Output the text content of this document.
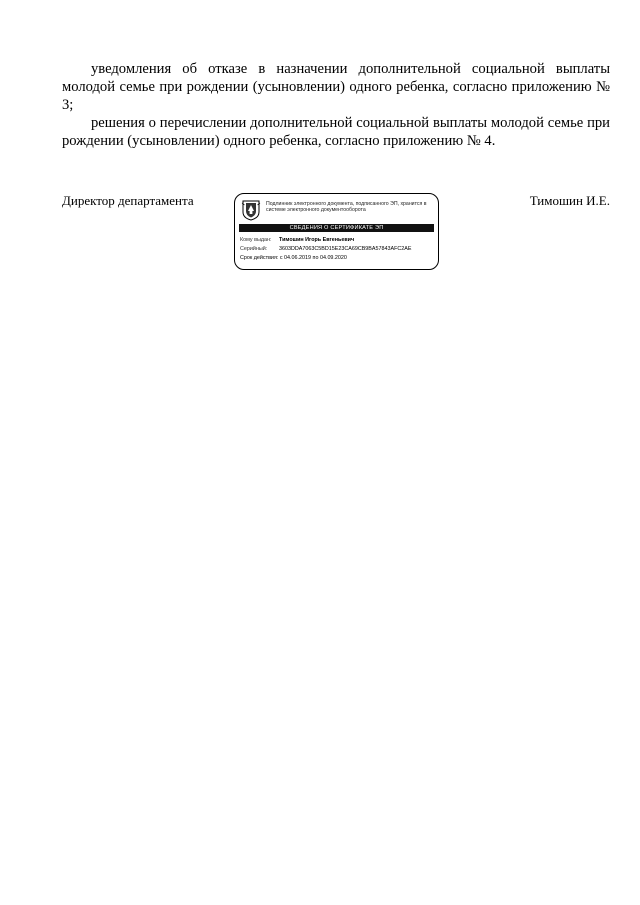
уведомления об отказе в назначении дополнительной социальной выплаты молодой семье при рождении (усыновлении) одного ребенка, согласно приложению № 3;

решения о перечислении дополнительной социальной выплаты молодой семье при рождении (усыновлении) одного ребенка, согласно приложению № 4.

Директор департамента	Подлинник электронного документа, подписанного ЭП, хранится в системе электронного документооборота
СВЕДЕНИЯ О СЕРТИФИКАТЕ ЭП
Кому выдан: Тимошин Игорь Евгеньевич
Серийный: 3603DDA7063C5BD15E23CA69CB9BA57843AFC2AE
Срок действия: с 04.06.2019 по 04.09.2020
Тимошин И.Е.
